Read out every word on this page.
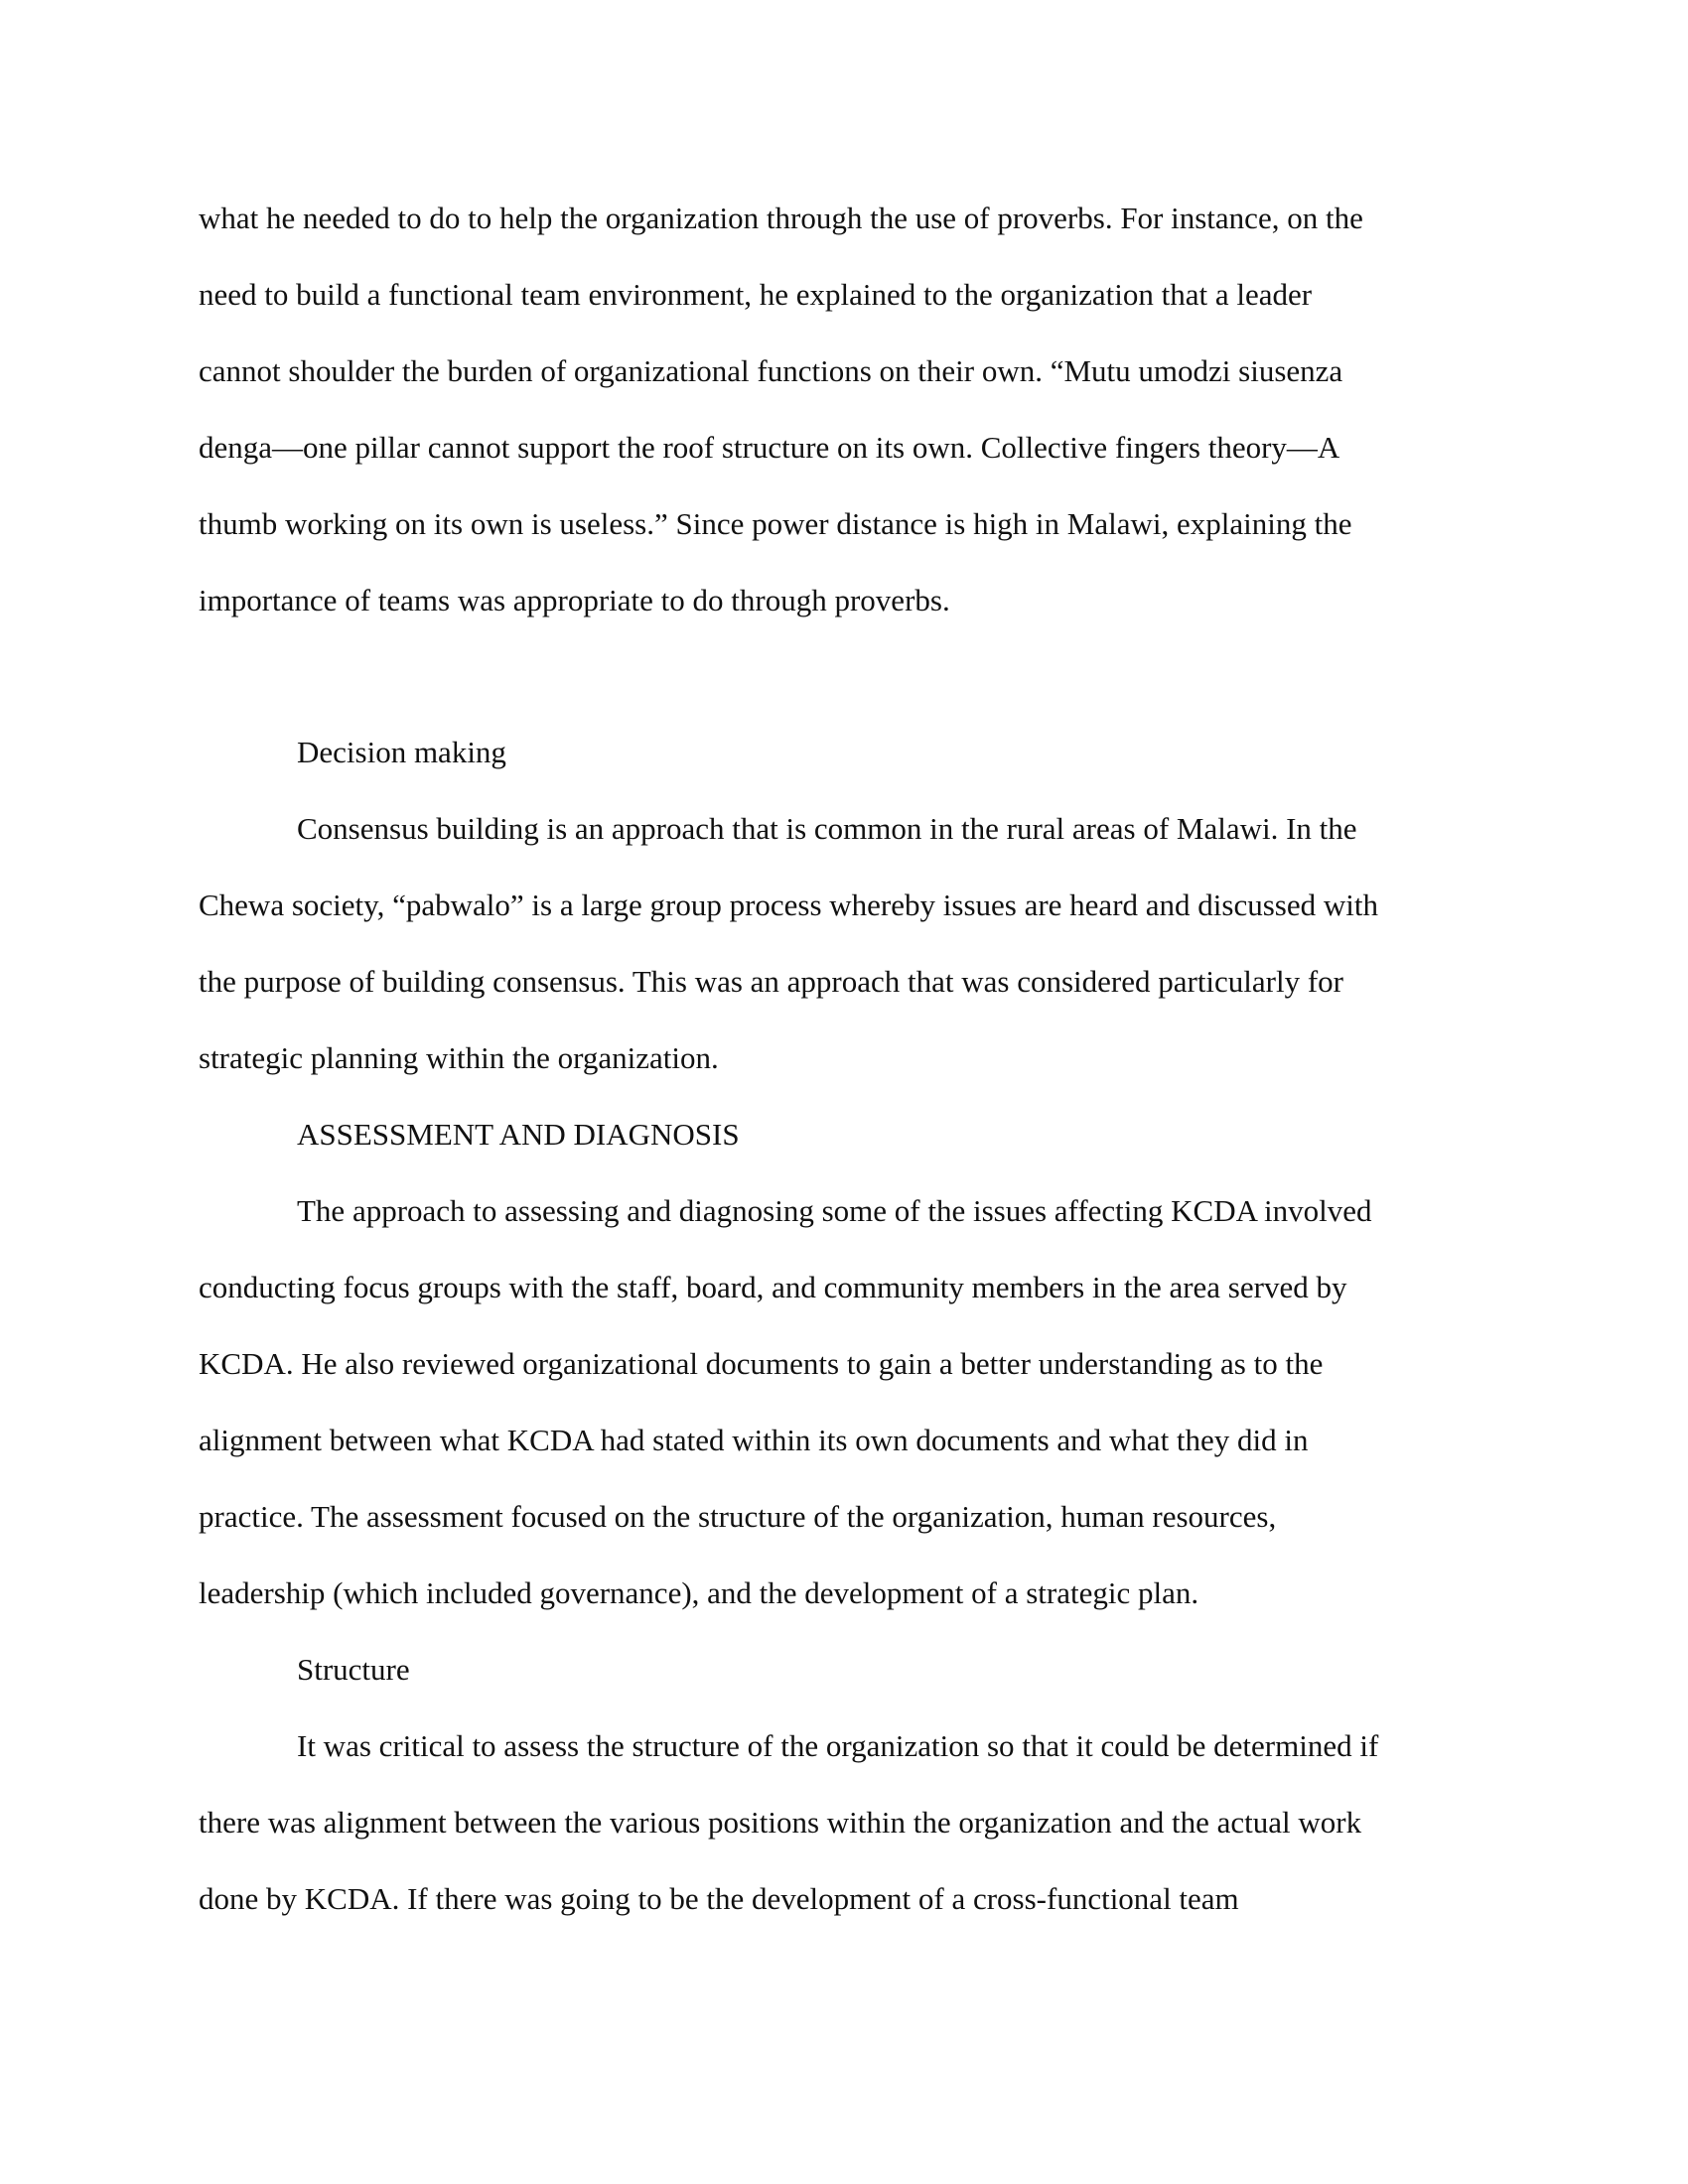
what he needed to do to help the organization through the use of proverbs. For instance, on the
need to build a functional team environment, he explained to the organization that a leader
cannot shoulder the burden of organizational functions on their own. “Mutu umodzi siusenza
denga—one pillar cannot support the roof structure on its own. Collective fingers theory—A
thumb working on its own is useless.” Since power distance is high in Malawi, explaining the
importance of teams was appropriate to do through proverbs.
Decision making
Consensus building is an approach that is common in the rural areas of Malawi. In the
Chewa society, “pabwalo” is a large group process whereby issues are heard and discussed with
the purpose of building consensus. This was an approach that was considered particularly for
strategic planning within the organization.
ASSESSMENT AND DIAGNOSIS
The approach to assessing and diagnosing some of the issues affecting KCDA involved
conducting focus groups with the staff, board, and community members in the area served by
KCDA. He also reviewed organizational documents to gain a better understanding as to the
alignment between what KCDA had stated within its own documents and what they did in
practice. The assessment focused on the structure of the organization, human resources,
leadership (which included governance), and the development of a strategic plan.
Structure
It was critical to assess the structure of the organization so that it could be determined if
there was alignment between the various positions within the organization and the actual work
done by KCDA. If there was going to be the development of a cross-functional team
